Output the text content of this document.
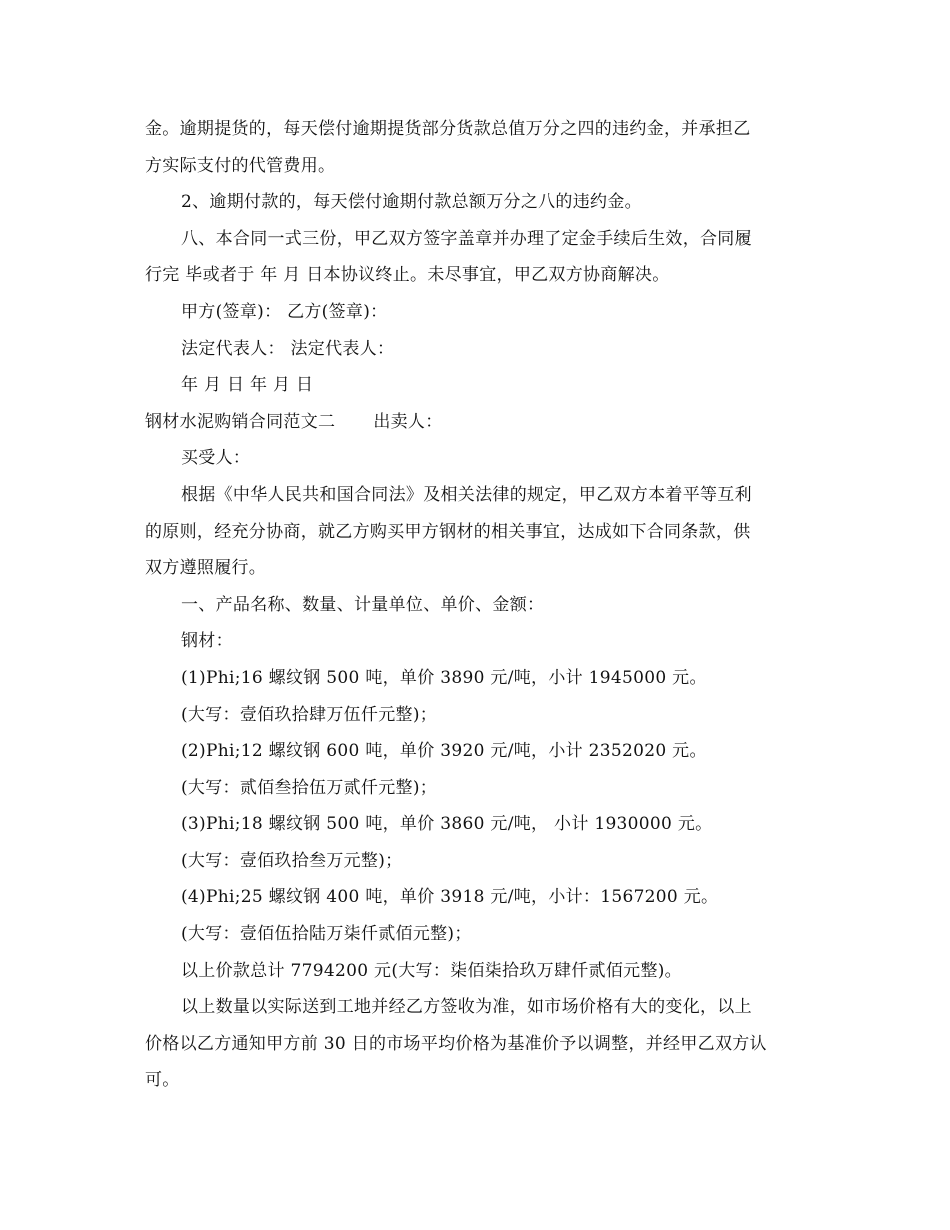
金。逾期提货的，每天偿付逾期提货部分货款总值万分之四的违约金，并承担乙
方实际支付的代管费用。
2、逾期付款的，每天偿付逾期付款总额万分之八的违约金。
八、本合同一式三份，甲乙双方签字盖章并办理了定金手续后生效，合同履
行完 毕或者于 年 月 日本协议终止。未尽事宜，甲乙双方协商解决。
甲方(签章)： 乙方(签章)：
法定代表人： 法定代表人：
年 月 日 年 月 日
钢材水泥购销合同范文二 出卖人：
买受人：
根据《中华人民共和国合同法》及相关法律的规定，甲乙双方本着平等互利
的原则，经充分协商，就乙方购买甲方钢材的相关事宜，达成如下合同条款，供
双方遵照履行。
一、产品名称、数量、计量单位、单价、金额：
钢材：
(1)Phi;16 螺纹钢 500 吨，单价 3890 元/吨，小计 1945000 元。
(大写：壹佰玖拾肆万伍仟元整)；
(2)Phi;12 螺纹钢 600 吨，单价 3920 元/吨，小计 2352020 元。
(大写：贰佰叁拾伍万贰仟元整)；
(3)Phi;18 螺纹钢 500 吨，单价 3860 元/吨， 小计 1930000 元。
(大写：壹佰玖拾叁万元整)；
(4)Phi;25 螺纹钢 400 吨，单价 3918 元/吨，小计：1567200 元。
(大写：壹佰伍拾陆万柒仟贰佰元整)；
以上价款总计 7794200 元(大写：柒佰柒拾玖万肆仟贰佰元整)。
以上数量以实际送到工地并经乙方签收为准，如市场价格有大的变化，以上
价格以乙方通知甲方前 30 日的市场平均价格为基准价予以调整，并经甲乙双方认
可。
